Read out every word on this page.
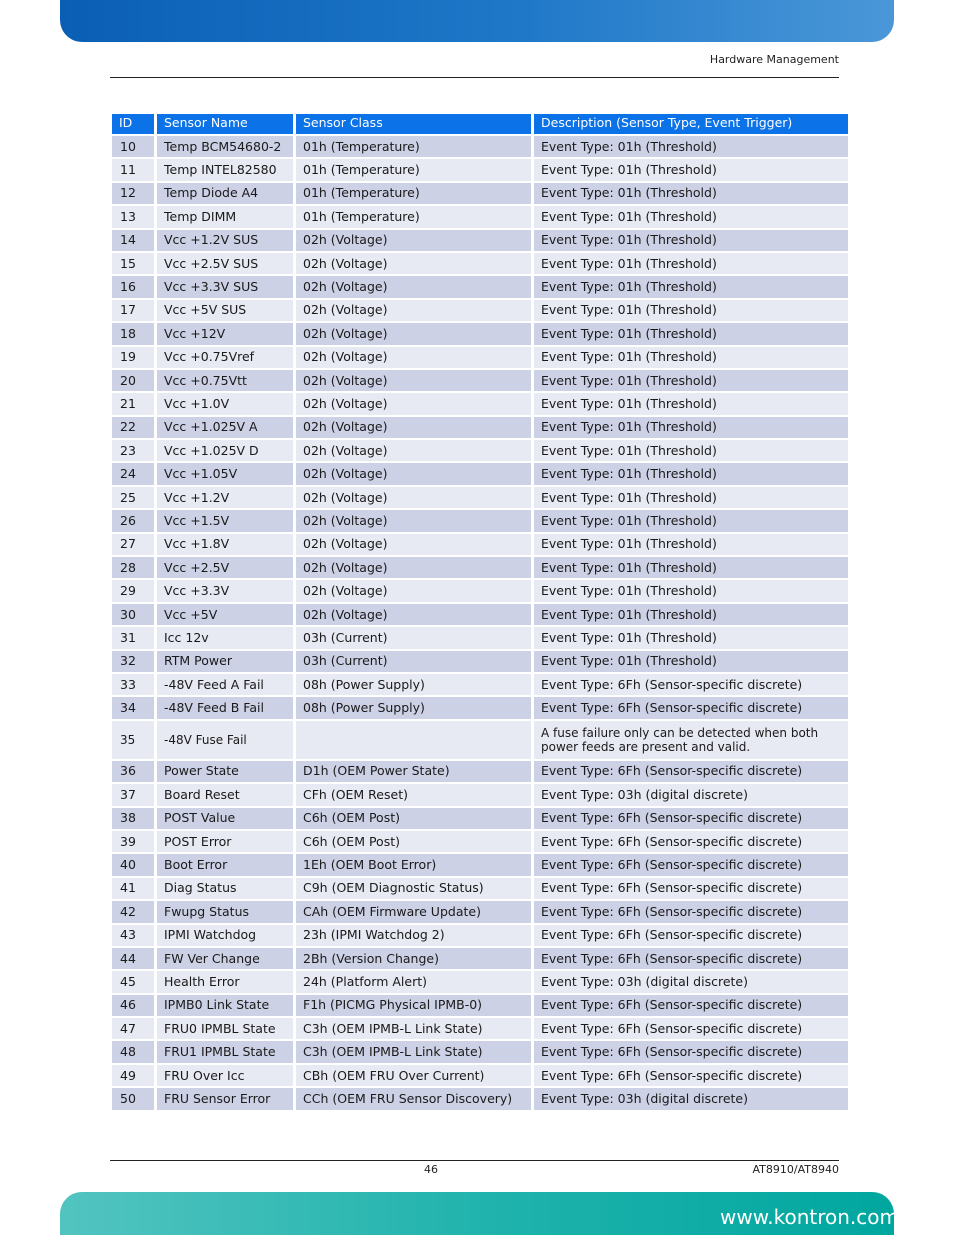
Hardware Management
ID	Sensor Name	Sensor Class	Description (Sensor Type, Event Trigger)
10	Temp BCM54680-2	01h (Temperature)	Event Type: 01h (Threshold)
11	Temp INTEL82580	01h (Temperature)	Event Type: 01h (Threshold)
12	Temp Diode A4	01h (Temperature)	Event Type: 01h (Threshold)
13	Temp DIMM	01h (Temperature)	Event Type: 01h (Threshold)
14	Vcc +1.2V SUS	02h (Voltage)	Event Type: 01h (Threshold)
15	Vcc +2.5V SUS	02h (Voltage)	Event Type: 01h (Threshold)
16	Vcc +3.3V SUS	02h (Voltage)	Event Type: 01h (Threshold)
17	Vcc +5V SUS	02h (Voltage)	Event Type: 01h (Threshold)
18	Vcc +12V	02h (Voltage)	Event Type: 01h (Threshold)
19	Vcc +0.75Vref	02h (Voltage)	Event Type: 01h (Threshold)
20	Vcc +0.75Vtt	02h (Voltage)	Event Type: 01h (Threshold)
21	Vcc +1.0V	02h (Voltage)	Event Type: 01h (Threshold)
22	Vcc +1.025V A	02h (Voltage)	Event Type: 01h (Threshold)
23	Vcc +1.025V D	02h (Voltage)	Event Type: 01h (Threshold)
24	Vcc +1.05V	02h (Voltage)	Event Type: 01h (Threshold)
25	Vcc +1.2V	02h (Voltage)	Event Type: 01h (Threshold)
26	Vcc +1.5V	02h (Voltage)	Event Type: 01h (Threshold)
27	Vcc +1.8V	02h (Voltage)	Event Type: 01h (Threshold)
28	Vcc +2.5V	02h (Voltage)	Event Type: 01h (Threshold)
29	Vcc +3.3V	02h (Voltage)	Event Type: 01h (Threshold)
30	Vcc +5V	02h (Voltage)	Event Type: 01h (Threshold)
31	Icc 12v	03h (Current)	Event Type: 01h (Threshold)
32	RTM Power	03h (Current)	Event Type: 01h (Threshold)
33	-48V Feed A Fail	08h (Power Supply)	Event Type: 6Fh (Sensor-specific discrete)
34	-48V Feed B Fail	08h (Power Supply)	Event Type: 6Fh (Sensor-specific discrete)
35	-48V Fuse Fail		A fuse failure only can be detected when both power feeds are present and valid.
36	Power State	D1h (OEM Power State)	Event Type: 6Fh (Sensor-specific discrete)
37	Board Reset	CFh (OEM Reset)	Event Type: 03h (digital discrete)
38	POST Value	C6h (OEM Post)	Event Type: 6Fh (Sensor-specific discrete)
39	POST Error	C6h (OEM Post)	Event Type: 6Fh (Sensor-specific discrete)
40	Boot Error	1Eh (OEM Boot Error)	Event Type: 6Fh (Sensor-specific discrete)
41	Diag Status	C9h (OEM Diagnostic Status)	Event Type: 6Fh (Sensor-specific discrete)
42	Fwupg Status	CAh (OEM Firmware Update)	Event Type: 6Fh (Sensor-specific discrete)
43	IPMI Watchdog	23h (IPMI Watchdog 2)	Event Type: 6Fh (Sensor-specific discrete)
44	FW Ver Change	2Bh (Version Change)	Event Type: 6Fh (Sensor-specific discrete)
45	Health Error	24h (Platform Alert)	Event Type: 03h (digital discrete)
46	IPMB0 Link State	F1h (PICMG Physical IPMB-0)	Event Type: 6Fh (Sensor-specific discrete)
47	FRU0 IPMBL State	C3h (OEM IPMB-L Link State)	Event Type: 6Fh (Sensor-specific discrete)
48	FRU1 IPMBL State	C3h (OEM IPMB-L Link State)	Event Type: 6Fh (Sensor-specific discrete)
49	FRU Over Icc	CBh (OEM FRU Over Current)	Event Type: 6Fh (Sensor-specific discrete)
50	FRU Sensor Error	CCh (OEM FRU Sensor Discovery)	Event Type: 03h (digital discrete)
46	AT8910/AT8940
www.kontron.com
